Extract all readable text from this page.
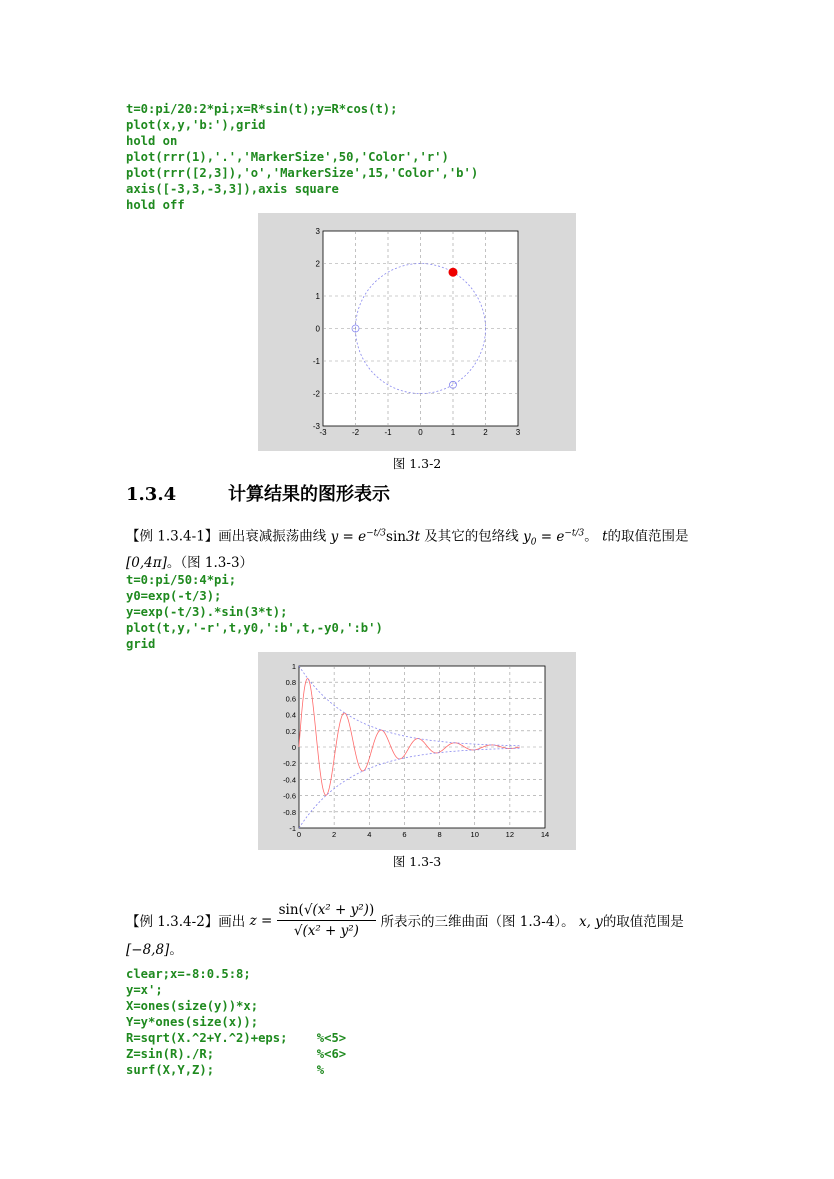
t=0:pi/20:2*pi;x=R*sin(t);y=R*cos(t);
plot(x,y,'b:'),grid
hold on
plot(rrr(1),'.','MarkerSize',50,'Color','r')
plot(rrr([2,3]),'o','MarkerSize',15,'Color','b')
axis([-3,3,-3,3]),axis square
hold off
-3	-2	-1	0	1	2	3
3
2
1
0
-1
-2
-3
图 1.3-2
1.3.4	计算结果的图形表示
【例 1.3.4-1】画出衰减振荡曲线 $y = e^{-t/3}\sin 3t$ 及其它的包络线 $y_0 = e^{-t/3}$。 t的取值范围是
[0,4π]。（图 1.3-3）
t=0:pi/50:4*pi;
y0=exp(-t/3);
y=exp(-t/3).*sin(3*t);
plot(t,y,'-r',t,y0,':b',t,-y0,':b')
grid
0	2	4	6	8	10	12	14
1
0.8
0.6
0.4
0.2
0
-0.2
-0.4
-0.6
-0.8
-1
图 1.3-3
【例 1.3.4-2】画出 $z = \frac{\text{sin(√(x² + y²))}}{\text{√(x² + y²)}}$ 所表示的三维曲面（图 1.3-4）。 x, y的取值范围是
[−8,8]。
clear;x=-8:0.5:8;
y=x';
X=ones(size(y))*x;
Y=y*ones(size(x));
R=sqrt(X.^2+Y.^2)+eps;    %<5>
Z=sin(R)./R;              %<6>
surf(X,Y,Z);              %
